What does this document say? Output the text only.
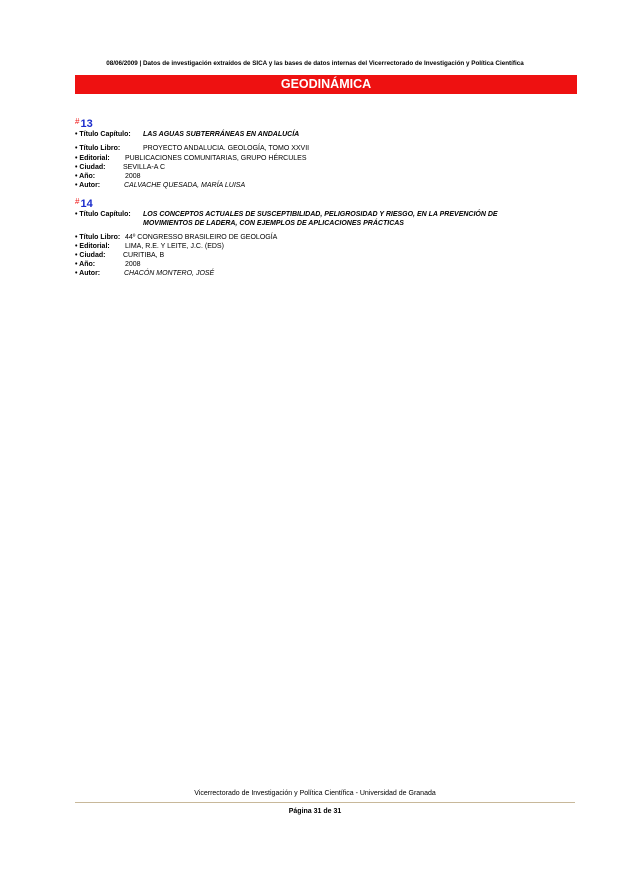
08/06/2009 | Datos de investigación extraídos de SICA y las bases de datos internas del Vicerrectorado de Investigación y Política Científica
GEODINÁMICA
#13
• Título Capítulo:	LAS AGUAS SUBTERRÁNEAS EN ANDALUCÍA
• Título Libro:	PROYECTO ANDALUCIA. GEOLOGÍA, TOMO XXVII
• Editorial:	PUBLICACIONES COMUNITARIAS, GRUPO HÉRCULES
• Ciudad:	SEVILLA-A C
• Año:	2008
• Autor:	CALVACHE QUESADA, MARÍA LUISA
#14
• Título Capítulo: LOS CONCEPTOS ACTUALES DE SUSCEPTIBILIDAD, PELIGROSIDAD Y RIESGO, EN LA PREVENCIÓN DE MOVIMIENTOS DE LADERA, CON EJEMPLOS DE APLICACIONES PRÁCTICAS
• Título Libro: 44º CONGRESSO BRASILEIRO DE GEOLOGÍA
• Editorial:	LIMA, R.E. Y LEITE, J.C. (EDS)
• Ciudad:	CURITIBA, B
• Año:	2008
• Autor:	CHACÓN MONTERO, JOSÉ
Vicerrectorado de Investigación y Política Científica - Universidad de Granada
Página 31 de 31
